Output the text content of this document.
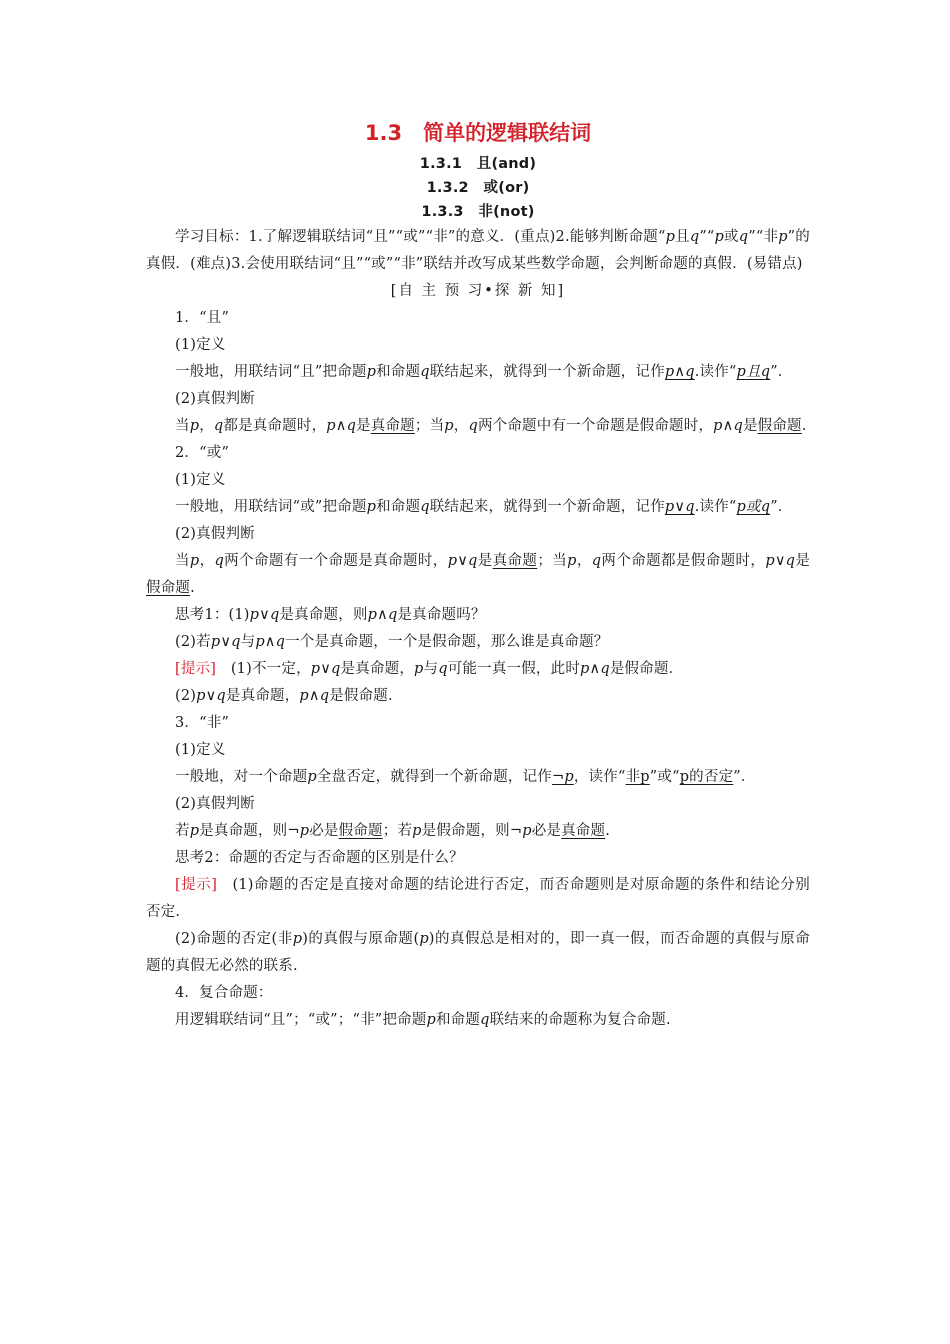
1.3　简单的逻辑联结词

1.3.1　且(and)

1.3.2　或(or)

1.3.3　非(not)

学习目标：1.了解逻辑联结词“且”“或”“非”的意义．(重点)2.能够判断命题“p且q”“p或q”“非p”的真假．(难点)3.会使用联结词“且”“或”“非”联结并改写成某些数学命题，会判断命题的真假．(易错点)

[自 主 预 习•探 新 知]

1．“且”

(1)定义

一般地，用联结词“且”把命题p和命题q联结起来，就得到一个新命题，记作p∧q.读作“p且q”．

(2)真假判断

当p，q都是真命题时，p∧q是真命题；当p，q两个命题中有一个命题是假命题时，p∧q是假命题.

2．“或”

(1)定义

一般地，用联结词“或”把命题p和命题q联结起来，就得到一个新命题，记作p∨q.读作“p或q”．

(2)真假判断

当p，q两个命题有一个命题是真命题时，p∨q是真命题；当p，q两个命题都是假命题时，p∨q是假命题.

思考1：(1)p∨q是真命题，则p∧q是真命题吗？

(2)若p∨q与p∧q一个是真命题，一个是假命题，那么谁是真命题？

[提示]　(1)不一定，p∨q是真命题，p与q可能一真一假，此时p∧q是假命题．

(2)p∨q是真命题，p∧q是假命题．

3．“非”

(1)定义

一般地，对一个命题p全盘否定，就得到一个新命题，记作¬p，读作“非p”或“p的否定”．

(2)真假判断

若p是真命题，则¬p必是假命题；若p是假命题，则¬p必是真命题.

思考2：命题的否定与否命题的区别是什么？

[提示]　(1)命题的否定是直接对命题的结论进行否定，而否命题则是对原命题的条件和结论分别否定.

(2)命题的否定(非p)的真假与原命题(p)的真假总是相对的，即一真一假，而否命题的真假与原命题的真假无必然的联系.

4．复合命题：

用逻辑联结词“且”；“或”；“非”把命题p和命题q联结来的命题称为复合命题.
